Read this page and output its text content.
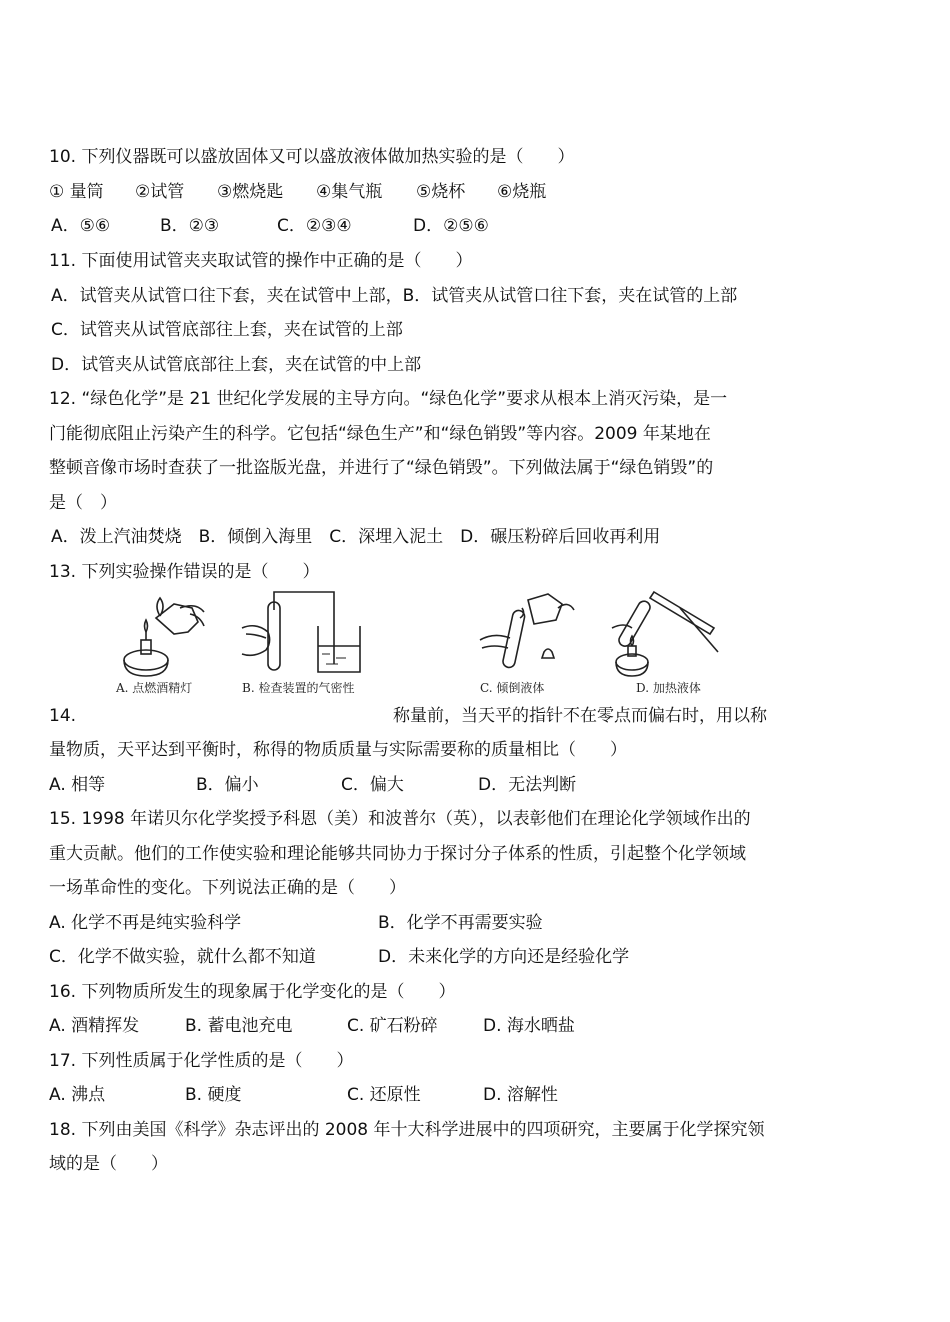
10. 下列仪器既可以盛放固体又可以盛放液体做加热实验的是（　　）
① 量筒 ②试管 ③燃烧匙 ④集气瓶 ⑤烧杯 ⑥烧瓶
A．⑤⑥	B．②③	C．②③④	D．②⑤⑥
11. 下面使用试管夹夹取试管的操作中正确的是（　　）
A．试管夹从试管口往下套，夹在试管中上部，B．试管夹从试管口往下套，夹在试管的上部
C．试管夹从试管底部往上套，夹在试管的上部
D．试管夹从试管底部往上套，夹在试管的中上部
12. “绿色化学”是 21 世纪化学发展的主导方向。“绿色化学”要求从根本上消灭污染，是一
门能彻底阻止污染产生的科学。它包括“绿色生产”和“绿色销毁”等内容。2009 年某地在
整顿音像市场时查获了一批盗版光盘，并进行了“绿色销毁”。下列做法属于“绿色销毁”的
是（　）
A．泼上汽油焚烧　B．倾倒入海里　C．深埋入泥土　D．碾压粉碎后回收再利用
13. 下列实验操作错误的是（　　）
A. 点燃酒精灯	B. 检查装置的气密性	C. 倾倒液体	D. 加热液体
14.	称量前，当天平的指针不在零点而偏右时，用以称
量物质，天平达到平衡时，称得的物质质量与实际需要称的质量相比（　　）
A. 相等	B．偏小	C．偏大	D．无法判断
15. 1998 年诺贝尔化学奖授予科恩（美）和波普尔（英），以表彰他们在理论化学领域作出的
重大贡献。他们的工作使实验和理论能够共同协力于探讨分子体系的性质，引起整个化学领域
一场革命性的变化。下列说法正确的是（　　）
A. 化学不再是纯实验科学	B．化学不再需要实验
C．化学不做实验，就什么都不知道	D．未来化学的方向还是经验化学
16. 下列物质所发生的现象属于化学变化的是（　　）
A. 酒精挥发	B. 蓄电池充电	C. 矿石粉碎	D. 海水晒盐
17. 下列性质属于化学性质的是（　　）
A. 沸点	B. 硬度	C. 还原性	D. 溶解性
18. 下列由美国《科学》杂志评出的 2008 年十大科学进展中的四项研究，主要属于化学探究领
域的是（　　）
